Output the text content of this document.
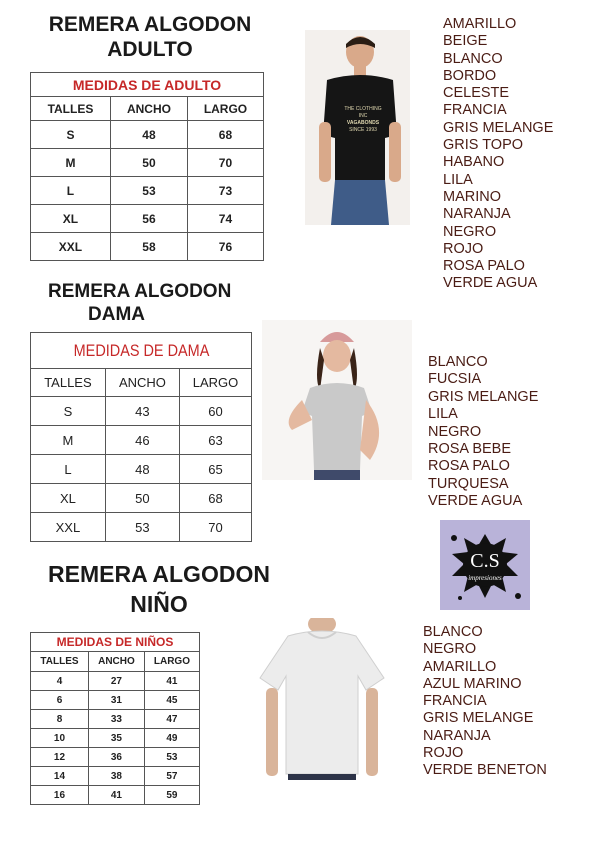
REMERA ALGODON
ADULTO
MEDIDAS DE ADULTO		
TALLES	ANCHO	LARGO
S	48	68
M	50	70
L	53	73
XL	56	74
XXL	58	76
THE CLOTHING INC
VAGABONDS
SINCE 1993
AMARILLO
BEIGE
BLANCO
BORDO
CELESTE
FRANCIA
GRIS MELANGE
GRIS TOPO
HABANO
LILA
MARINO
NARANJA
NEGRO
ROJO
ROSA PALO
VERDE AGUA
REMERA ALGODON
DAMA
MEDIDAS DE DAMA		
TALLES	ANCHO	LARGO
S	43	60
M	46	63
L	48	65
XL	50	68
XXL	53	70
BLANCO
FUCSIA
GRIS MELANGE
LILA
NEGRO
ROSA BEBE
ROSA PALO
TURQUESA
VERDE AGUA
C.S
impresiones
REMERA ALGODON
NIÑO
MEDIDAS DE NIÑOS		
TALLES	ANCHO	LARGO
4	27	41
6	31	45
8	33	47
10	35	49
12	36	53
14	38	57
16	41	59
BLANCO
NEGRO
AMARILLO
AZUL MARINO
FRANCIA
GRIS MELANGE
NARANJA
ROJO
VERDE BENETON
